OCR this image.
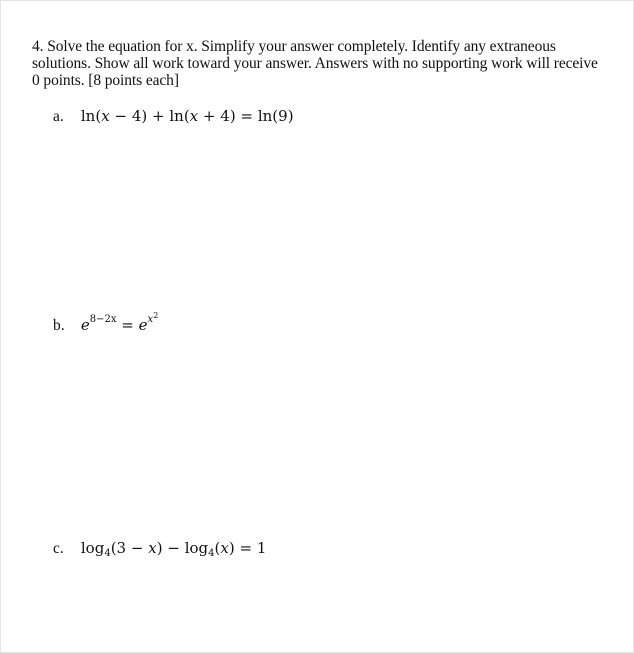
4. Solve the equation for x. Simplify your answer completely. Identify any extraneous
solutions. Show all work toward your answer. Answers with no supporting work will receive
0 points. [8 points each]
a. ln(x − 4) + ln(x + 4) = ln(9)
b. $e^{8-2x} = e^{x^2}$
c. $\log_4(3 - x) - \log_4(x) = 1$
